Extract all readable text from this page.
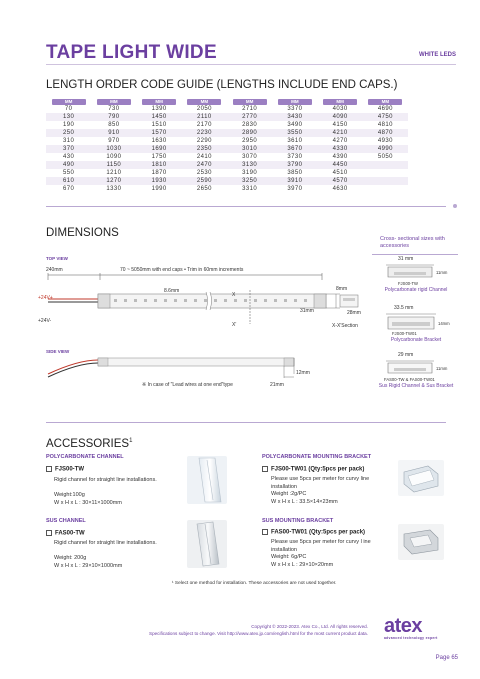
TAPE LIGHT WIDE	WHITE LEDS
LENGTH ORDER CODE GUIDE (LENGTHS INCLUDE END CAPS.)
MM	MM	MM	MM	MM	MM	MM	MM
70	730	1390	2050	2710	3370	4030	4690
130	790	1450	2110	2770	3430	4090	4750
190	850	1510	2170	2830	3490	4150	4810
250	910	1570	2230	2890	3550	4210	4870
310	970	1630	2290	2950	3610	4270	4930
370	1030	1690	2350	3010	3670	4330	4990
430	1090	1750	2410	3070	3730	4390	5050
490	1150	1810	2470	3130	3790	4450	
550	1210	1870	2530	3190	3850	4510	
610	1270	1930	2590	3250	3910	4570	
670	1330	1990	2650	3310	3970	4630	
DIMENSIONS
TOP VIEW
240mm	70 ~ 5050mm with end caps • Trim in 60mm increments
+24V+
+24V-
8.6mm
X
X'
31mm
8mm
28mm
X-X'Section
SIDE VIEW
12mm
21mm
※ In case of "Lead wires at one end"type
Cross- sectional sizes with accessories
31 mm
11mm
FJS00-TW
Polycarbonate rigid Channel
33.5 mm
14mm
FJS00-TW01
Polycarbonate Bracket
29 mm
11mm
FAS00-TW & FAS00-TW01
Sus Rigid Channel & Sus Bracket
ACCESSORIES$^1$
POLYCARBONATE CHANNEL
FJS00-TW
Rigid channel for straight line installations.
Weight:100g
W x H x L : 30×11×1000mm
SUS CHANNEL
FAS00-TW
Rigid channel for straight line installations.
Weight: 200g
W x H x L : 29×10×1000mm
POLYCARBONATE MOUNTING BRACKET
FJS00-TW01 (Qty:5pcs per pack)
Please use 5pcs per meter for curvy line installation
Weight :2g/PC
W x H x L : 33.5×14×23mm
SUS MOUNTING BRACKET
FAS00-TW01 (Qty:5pcs per pack)
Please use 5pcs per meter for curvy l ine installation
Weight: 6g/PC
W x H x L : 29×10×20mm
¹ Select one method for installation. These accessories are not used together.
Copyright © 2022-2023. Atex Co., Ltd. All rights reserved.
Specifications subject to change. Visit http://www.atex.jp.com/english.html for the most current product data. atex
advanced technology expert
Page 65
